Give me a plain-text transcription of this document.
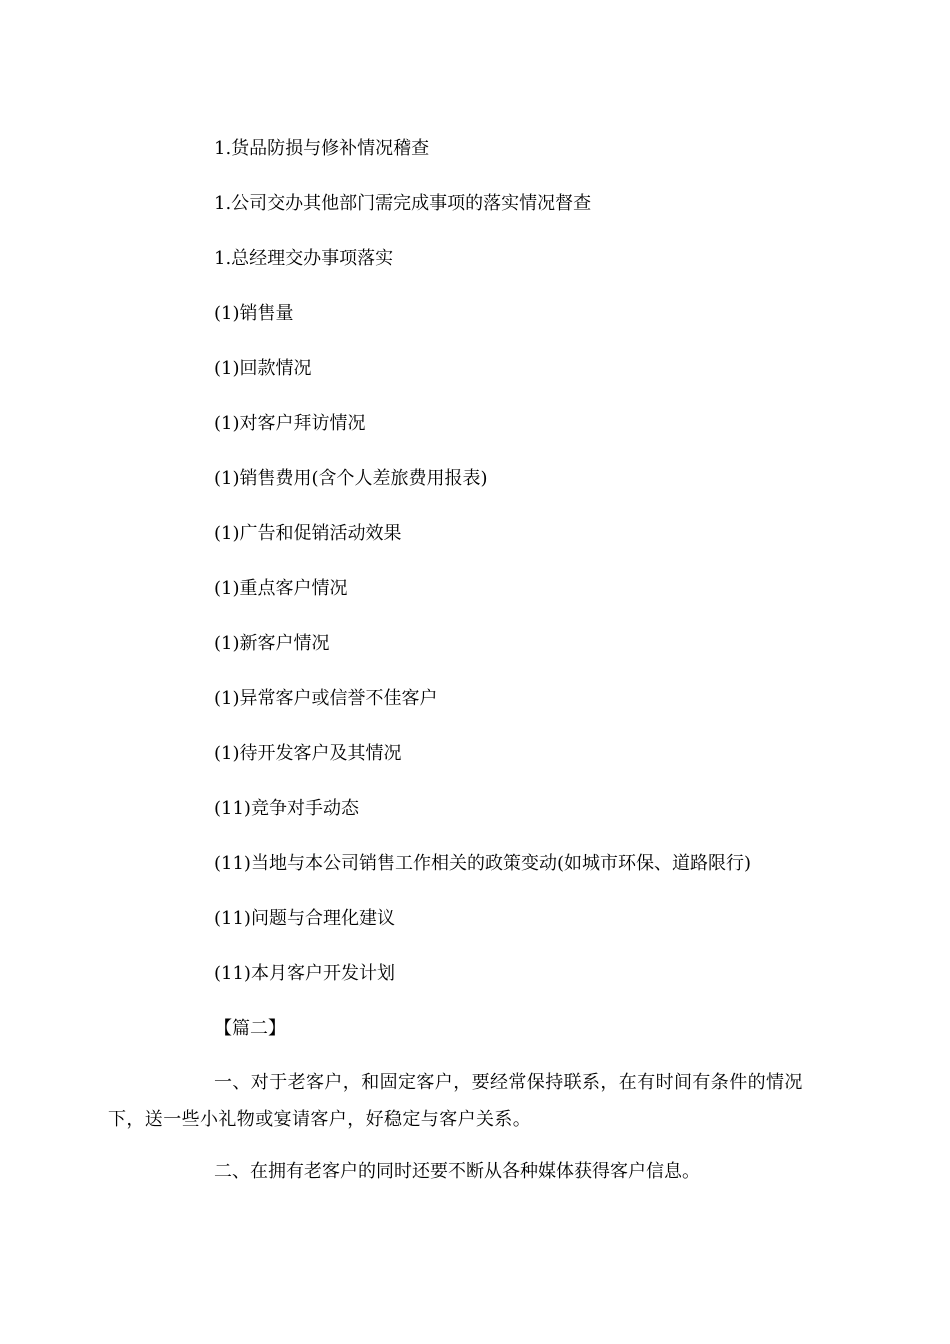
1.货品防损与修补情况稽查
1.公司交办其他部门需完成事项的落实情况督查
1.总经理交办事项落实
(1)销售量
(1)回款情况
(1)对客户拜访情况
(1)销售费用(含个人差旅费用报表)
(1)广告和促销活动效果
(1)重点客户情况
(1)新客户情况
(1)异常客户或信誉不佳客户
(1)待开发客户及其情况
(11)竞争对手动态
(11)当地与本公司销售工作相关的政策变动(如城市环保、道路限行)
(11)问题与合理化建议
(11)本月客户开发计划
【篇二】
一、对于老客户，和固定客户，要经常保持联系，在有时间有条件的情况下，送一些小礼物或宴请客户，好稳定与客户关系。
二、在拥有老客户的同时还要不断从各种媒体获得客户信息。
